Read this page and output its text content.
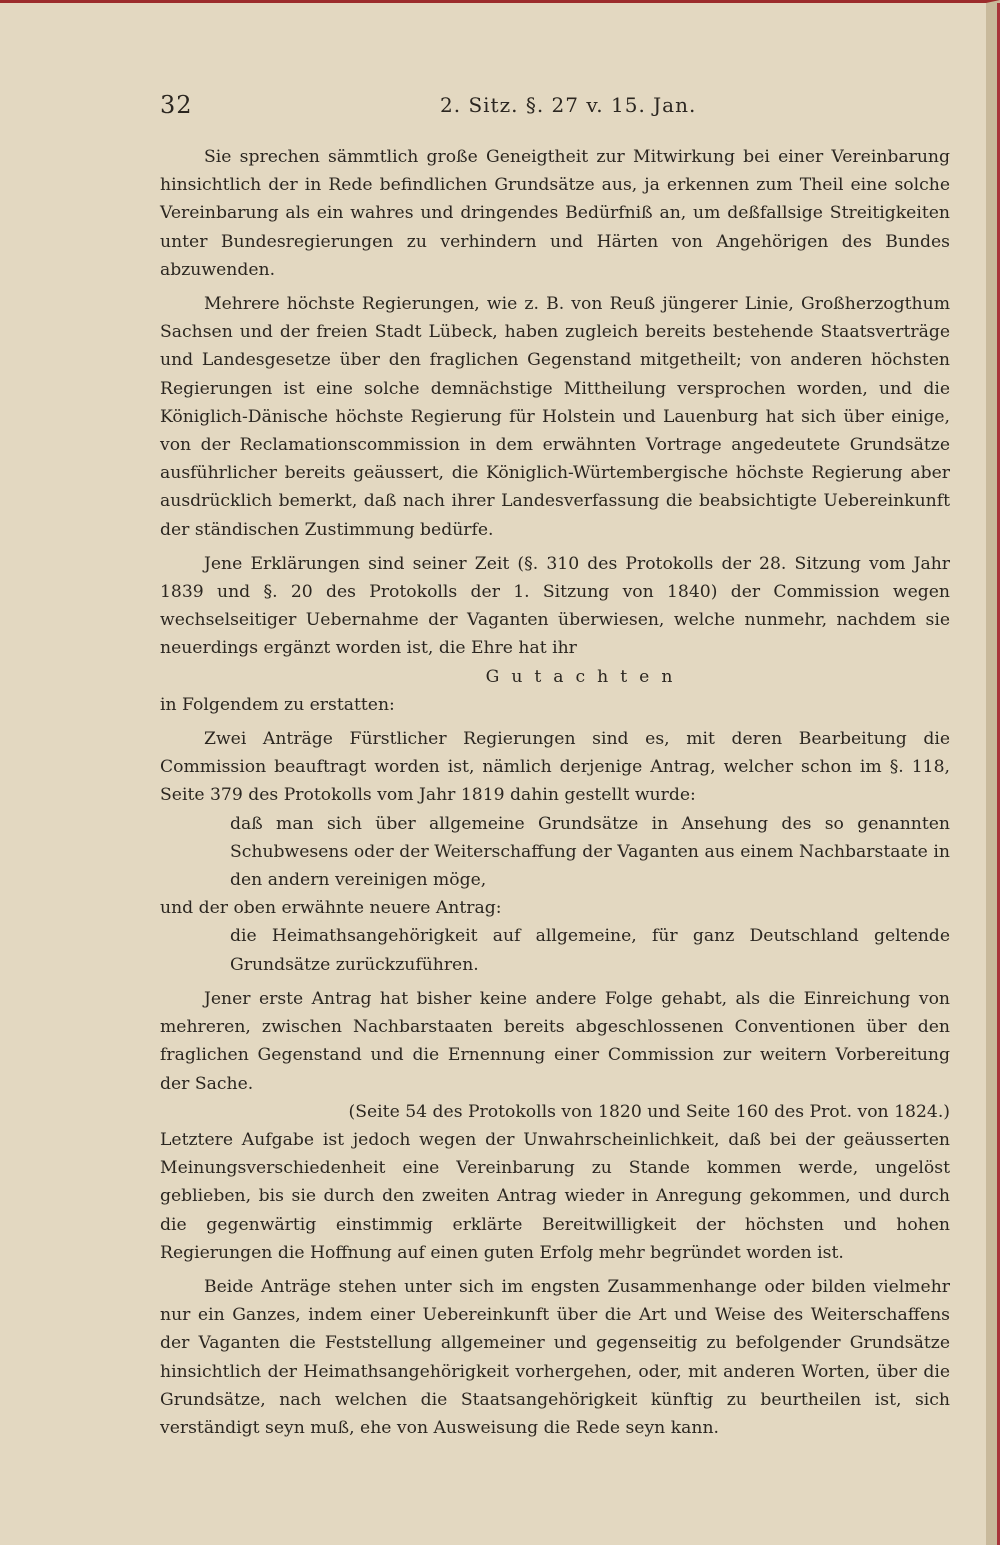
32	2. Sitz. §. 27 v. 15. Jan.

Sie sprechen sämmtlich große Geneigtheit zur Mitwirkung bei einer Vereinbarung hinsichtlich der in Rede befindlichen Grundsätze aus, ja erkennen zum Theil eine solche Vereinbarung als ein wahres und dringendes Bedürfniß an, um deßfallsige Streitigkeiten unter Bundesregierungen zu verhindern und Härten von Angehörigen des Bundes abzuwenden.

Mehrere höchste Regierungen, wie z. B. von Reuß jüngerer Linie, Großherzogthum Sachsen und der freien Stadt Lübeck, haben zugleich bereits bestehende Staatsverträge und Landesgesetze über den fraglichen Gegenstand mitgetheilt; von anderen höchsten Regierungen ist eine solche demnächstige Mittheilung versprochen worden, und die Königlich-Dänische höchste Regierung für Holstein und Lauenburg hat sich über einige, von der Reclamationscommission in dem erwähnten Vortrage angedeutete Grundsätze ausführlicher bereits geäussert, die Königlich-Würtembergische höchste Regierung aber ausdrücklich bemerkt, daß nach ihrer Landesverfassung die beabsichtigte Uebereinkunft der ständischen Zustimmung bedürfe.

Jene Erklärungen sind seiner Zeit (§. 310 des Protokolls der 28. Sitzung vom Jahr 1839 und §. 20 des Protokolls der 1. Sitzung von 1840) der Commission wegen wechselseitiger Uebernahme der Vaganten überwiesen, welche nunmehr, nachdem sie neuerdings ergänzt worden ist, die Ehre hat ihr

Gutachten

in Folgendem zu erstatten:

Zwei Anträge Fürstlicher Regierungen sind es, mit deren Bearbeitung die Commission beauftragt worden ist, nämlich derjenige Antrag, welcher schon im §. 118, Seite 379 des Protokolls vom Jahr 1819 dahin gestellt wurde:

daß man sich über allgemeine Grundsätze in Ansehung des so genannten Schubwesens oder der Weiterschaffung der Vaganten aus einem Nachbarstaate in den andern vereinigen möge,

und der oben erwähnte neuere Antrag:

die Heimathsangehörigkeit auf allgemeine, für ganz Deutschland geltende Grundsätze zurückzuführen.

Jener erste Antrag hat bisher keine andere Folge gehabt, als die Einreichung von mehreren, zwischen Nachbarstaaten bereits abgeschlossenen Conventionen über den fraglichen Gegenstand und die Ernennung einer Commission zur weitern Vorbereitung der Sache.

(Seite 54 des Protokolls von 1820 und Seite 160 des Prot. von 1824.)

Letztere Aufgabe ist jedoch wegen der Unwahrscheinlichkeit, daß bei der geäusserten Meinungsverschiedenheit eine Vereinbarung zu Stande kommen werde, ungelöst geblieben, bis sie durch den zweiten Antrag wieder in Anregung gekommen, und durch die gegenwärtig einstimmig erklärte Bereitwilligkeit der höchsten und hohen Regierungen die Hoffnung auf einen guten Erfolg mehr begründet worden ist.

Beide Anträge stehen unter sich im engsten Zusammenhange oder bilden vielmehr nur ein Ganzes, indem einer Uebereinkunft über die Art und Weise des Weiterschaffens der Vaganten die Feststellung allgemeiner und gegenseitig zu befolgender Grundsätze hinsichtlich der Heimathsangehörigkeit vorhergehen, oder, mit anderen Worten, über die Grundsätze, nach welchen die Staatsangehörigkeit künftig zu beurtheilen ist, sich verständigt seyn muß, ehe von Ausweisung die Rede seyn kann.
